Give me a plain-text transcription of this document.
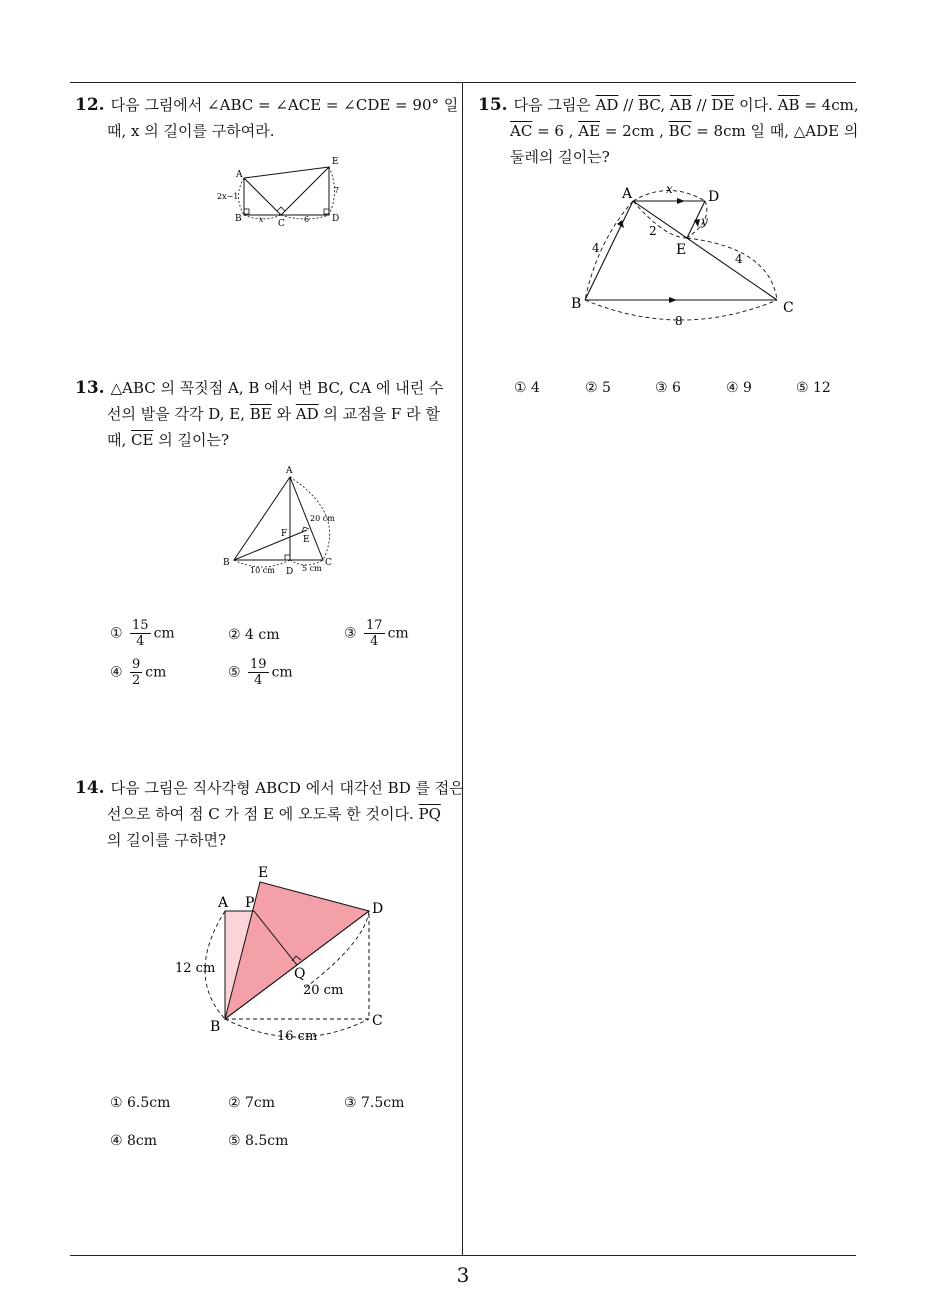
12. 다음 그림에서 ∠ABC = ∠ACE = ∠CDE = 90° 일
때, x 의 길이를 구하여라.
A
E
B	C	D
2x−1
7
x	6
13. △ABC 의 꼭짓점 A, B 에서 변 BC, CA 에 내린 수
선의 발을 각각 D, E, $\overline{BE}$ 와 $\overline{AD}$ 의 교점을 F 라 할
때, $\overline{CE}$ 의 길이는?
A
B	C
D
E
F
20 cm
10 cm	5 cm
① $\frac{15}{4}$ cm	② 4 cm	③ $\frac{17}{4}$ cm
④ $\frac{9}{2}$ cm	⑤ $\frac{19}{4}$ cm
14. 다음 그림은 직사각형 ABCD 에서 대각선 BD 를 접은
선으로 하여 점 C 가 점 E 에 오도록 한 것이다. $\overline{PQ}$
의 길이를 구하면?
E
A P	D
Q
B	C
12 cm
20 cm
16 cm
① 6.5cm	② 7cm	③ 7.5cm
④ 8cm	⑤ 8.5cm
15. 다음 그림은 $\overline{AD} // \overline{BC}$, $\overline{AB} // \overline{DE}$ 이다. $\overline{AB} = 4cm$,
$\overline{AC} = 6$ , $\overline{AE} = 2cm$ , $\overline{BC} = 8cm$ 일 때, △ADE 의
둘레의 길이는?
A	D
E
B	C
x
y
4
2
4
8
① 4	② 5	③ 6	④ 9	⑤ 12
3
